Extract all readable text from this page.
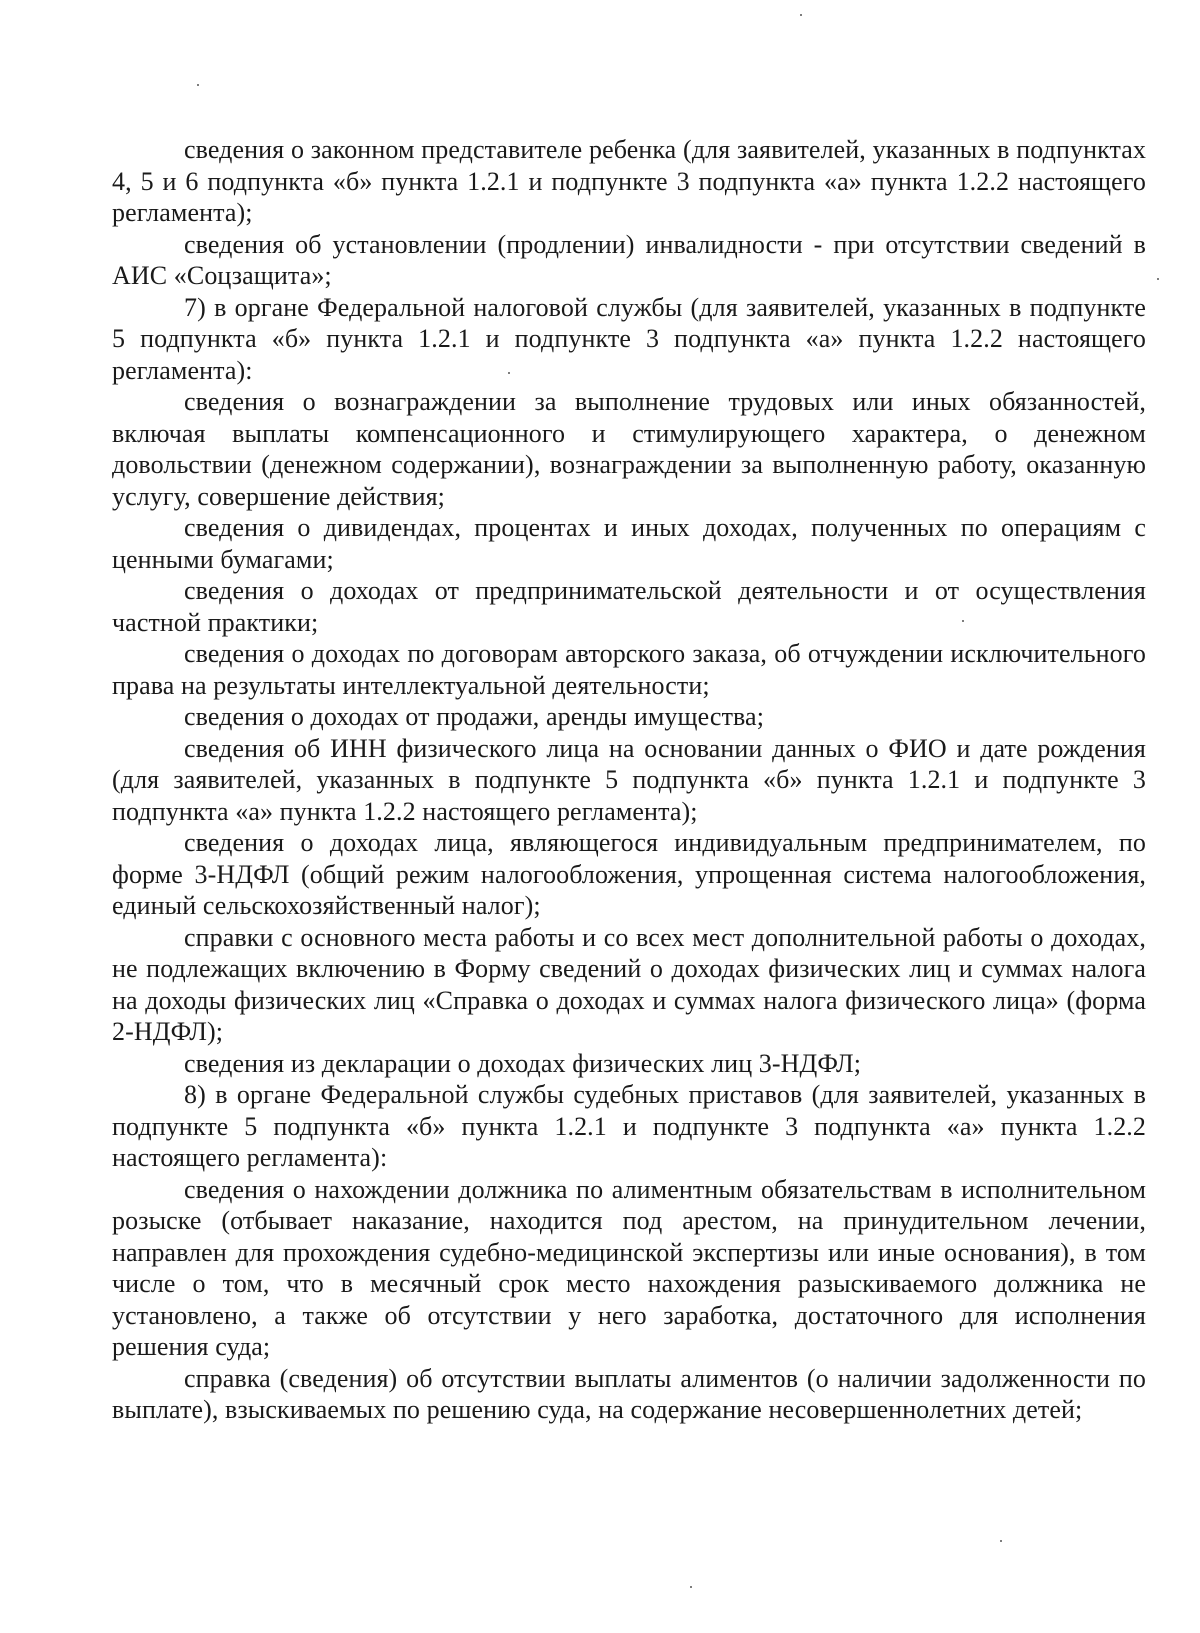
сведения о законном представителе ребенка (для заявителей, указанных в подпунктах 4, 5 и 6 подпункта «б» пункта 1.2.1 и подпункте 3 подпункта «а» пункта 1.2.2 настоящего регламента);

сведения об установлении (продлении) инвалидности - при отсутствии сведений в АИС «Соцзащита»;

7) в органе Федеральной налоговой службы (для заявителей, указанных в подпункте 5 подпункта «б» пункта 1.2.1 и подпункте 3 подпункта «а» пункта 1.2.2 настоящего регламента):

сведения о вознаграждении за выполнение трудовых или иных обязанностей, включая выплаты компенсационного и стимулирующего характера, о денежном довольствии (денежном содержании), вознаграждении за выполненную работу, оказанную услугу, совершение действия;

сведения о дивидендах, процентах и иных доходах, полученных по операциям с ценными бумагами;

сведения о доходах от предпринимательской деятельности и от осуществления частной практики;

сведения о доходах по договорам авторского заказа, об отчуждении исключительного права на результаты интеллектуальной деятельности;

сведения о доходах от продажи, аренды имущества;

сведения об ИНН физического лица на основании данных о ФИО и дате рождения (для заявителей, указанных в подпункте 5 подпункта «б» пункта 1.2.1 и подпункте 3 подпункта «а» пункта 1.2.2 настоящего регламента);

сведения о доходах лица, являющегося индивидуальным предпринимателем, по форме 3-НДФЛ (общий режим налогообложения, упрощенная система налогообложения, единый сельскохозяйственный налог);

справки с основного места работы и со всех мест дополнительной работы о доходах, не подлежащих включению в Форму сведений о доходах физических лиц и суммах налога на доходы физических лиц «Справка о доходах и суммах налога физического лица» (форма 2-НДФЛ);

сведения из декларации о доходах физических лиц 3-НДФЛ;

8) в органе Федеральной службы судебных приставов (для заявителей, указанных в подпункте 5 подпункта «б» пункта 1.2.1 и подпункте 3 подпункта «а» пункта 1.2.2 настоящего регламента):

сведения о нахождении должника по алиментным обязательствам в исполнительном розыске (отбывает наказание, находится под арестом, на принудительном лечении, направлен для прохождения судебно-медицинской экспертизы или иные основания), в том числе о том, что в месячный срок место нахождения разыскиваемого должника не установлено, а также об отсутствии у него заработка, достаточного для исполнения решения суда;

справка (сведения) об отсутствии выплаты алиментов (о наличии задолженности по выплате), взыскиваемых по решению суда, на содержание несовершеннолетних детей;
